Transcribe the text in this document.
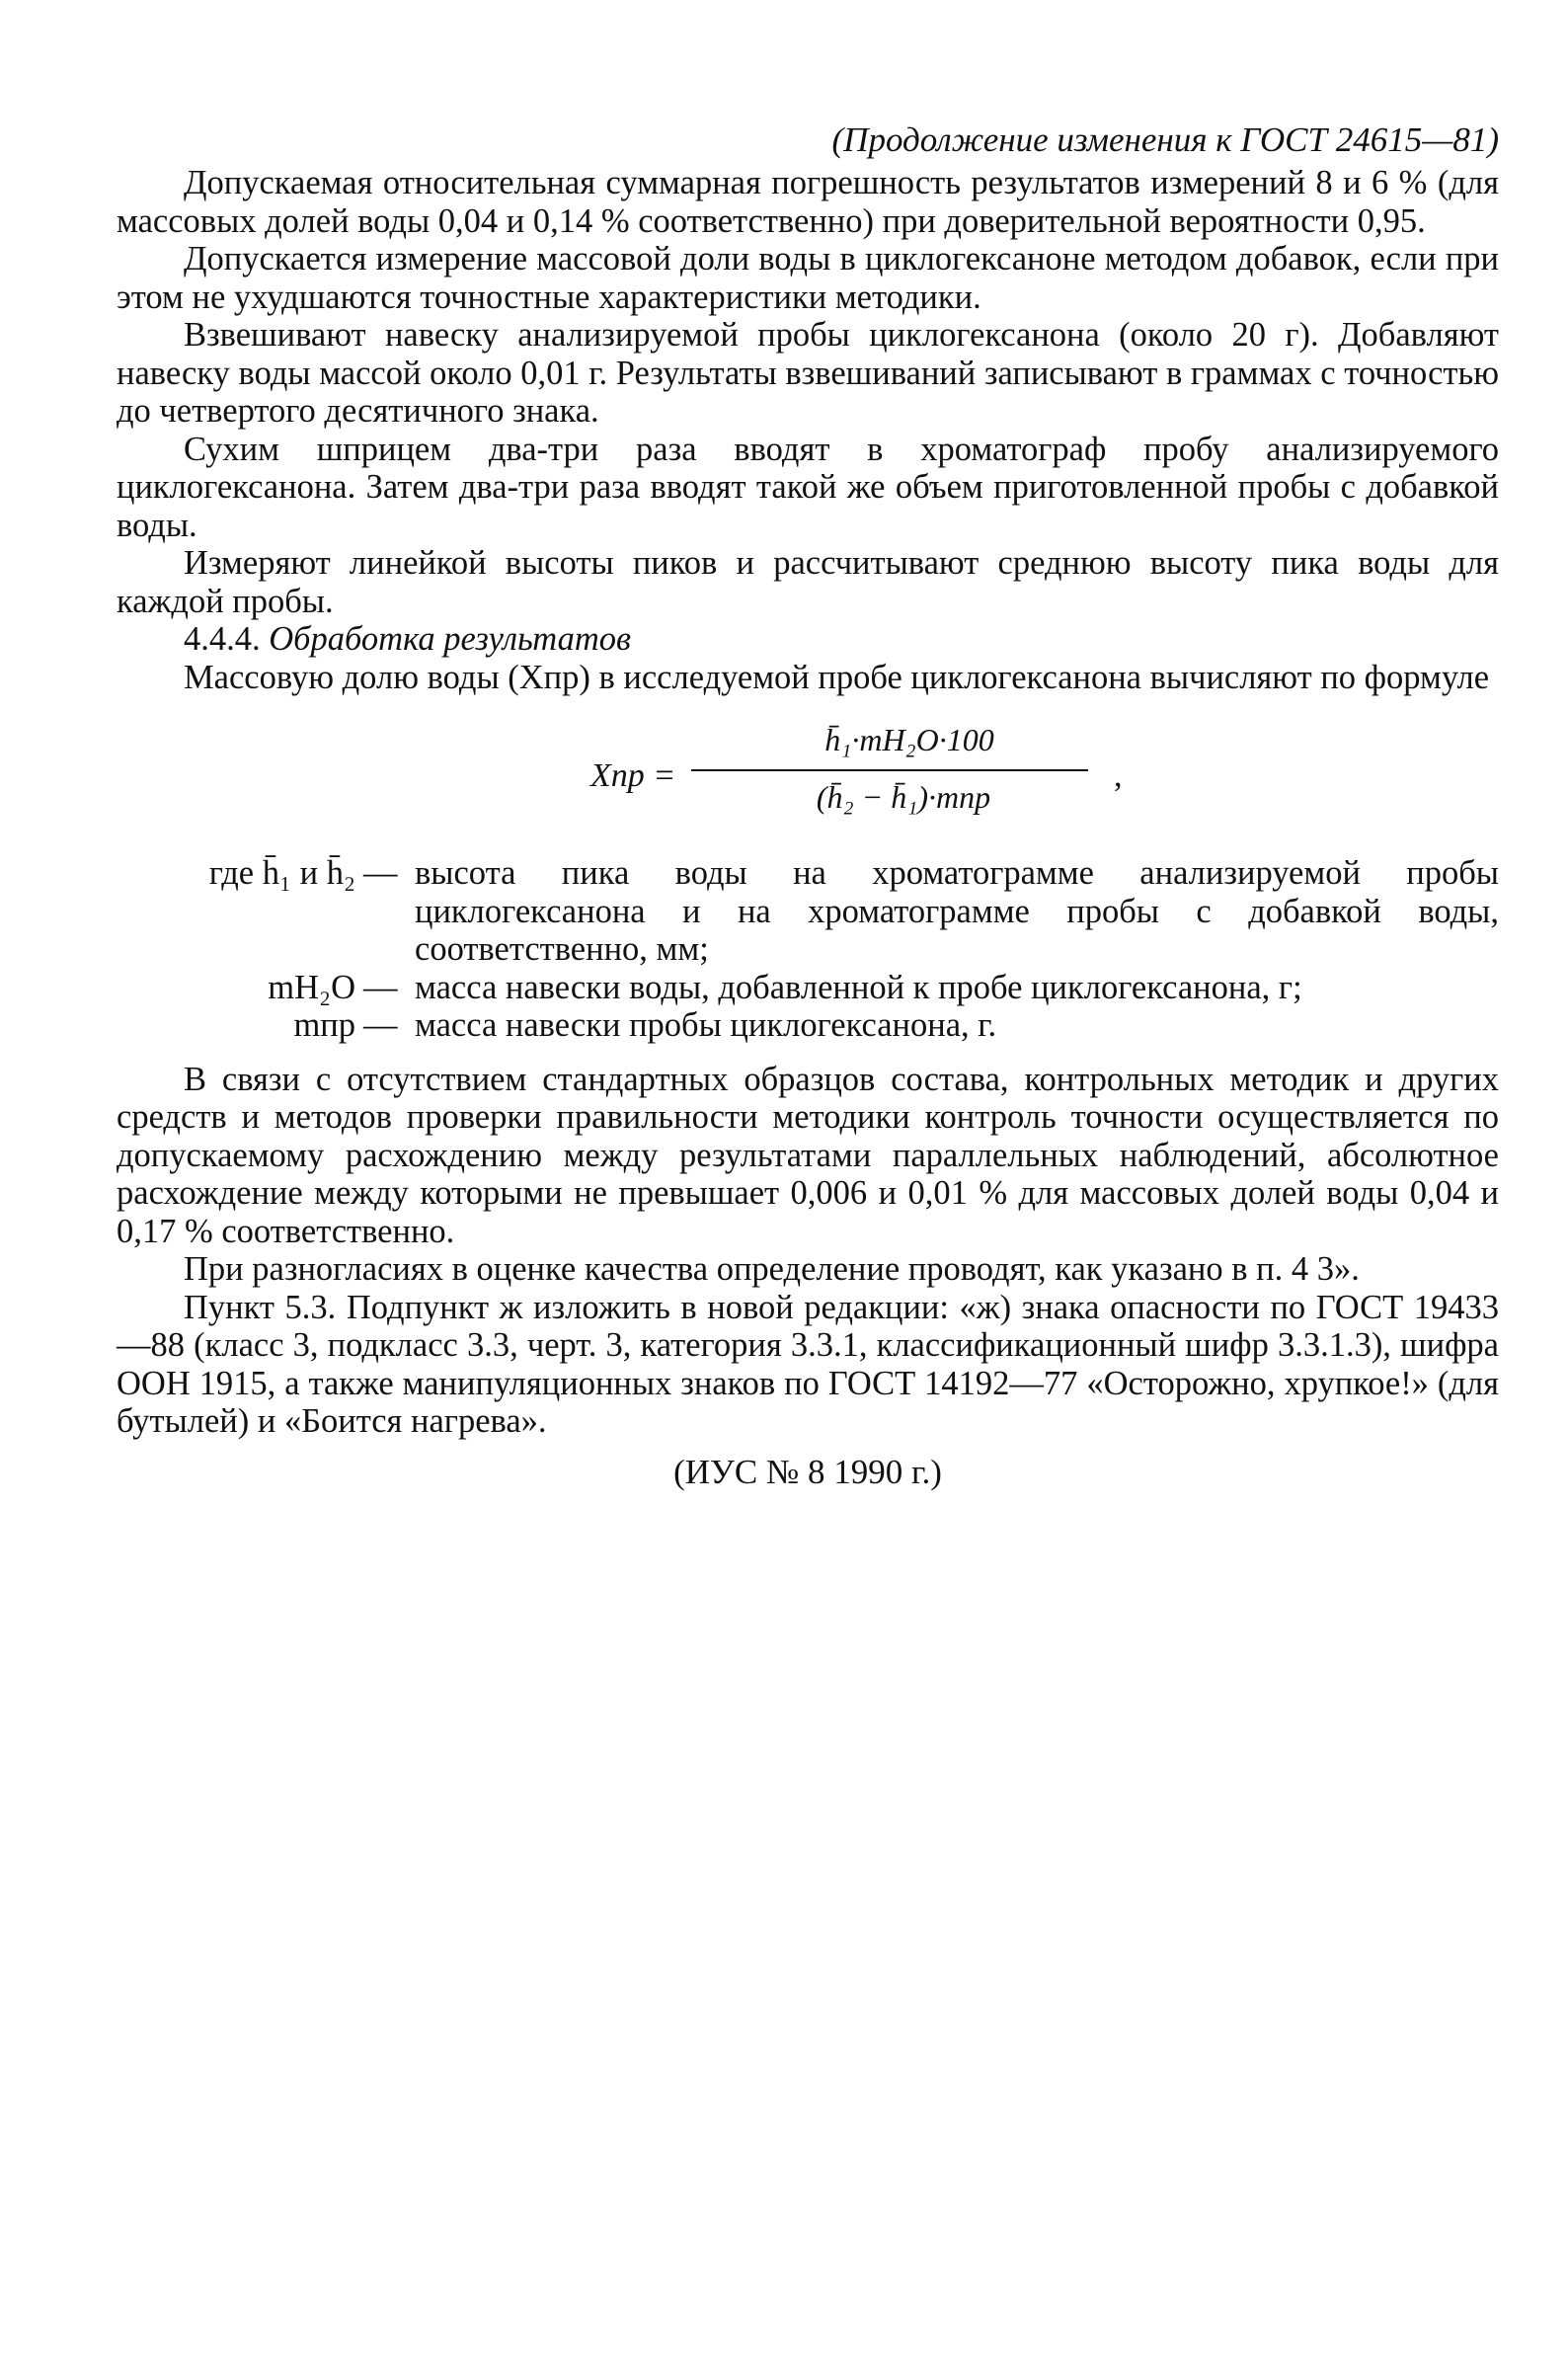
(Продолжение изменения к ГОСТ 24615—81)

Допускаемая относительная суммарная погрешность результатов измерений 8 и 6 % (для массовых долей воды 0,04 и 0,14 % соответственно) при доверительной вероятности 0,95.

Допускается измерение массовой доли воды в циклогексаноне методом добавок, если при этом не ухудшаются точностные характеристики методики.

Взвешивают навеску анализируемой пробы циклогексанона (около 20 г). Добавляют навеску воды массой около 0,01 г. Результаты взвешиваний записывают в граммах с точностью до четвертого десятичного знака.

Сухим шприцем два-три раза вводят в хроматограф пробу анализируемого циклогексанона. Затем два-три раза вводят такой же объем приготовленной пробы с добавкой воды.

Измеряют линейкой высоты пиков и рассчитывают среднюю высоту пика воды для каждой пробы.

4.4.4. Обработка результатов

Массовую долю воды (Xпр) в исследуемой пробе циклогексанона вычисляют по формуле

Xпр =
h̄₁·mH₂O·100
(h̄₂ − h̄₁)·mпр
,
где h̄₁ и h̄₂ — высота пика воды на хроматограмме анализируемой пробы циклогексанона и на хроматограмме пробы с добавкой воды, соответственно, мм;
mH₂O — масса навески воды, добавленной к пробе циклогексанона, г;
mпр — масса навески пробы циклогексанона, г.

В связи с отсутствием стандартных образцов состава, контрольных методик и других средств и методов проверки правильности методики контроль точности осуществляется по допускаемому расхождению между результатами параллельных наблюдений, абсолютное расхождение между которыми не превышает 0,006 и 0,01 % для массовых долей воды 0,04 и 0,17 % соответственно.

При разногласиях в оценке качества определение проводят, как указано в п. 4 3».

Пункт 5.3. Подпункт ж изложить в новой редакции: «ж) знака опасности по ГОСТ 19433—88 (класс 3, подкласс 3.3, черт. 3, категория 3.3.1, классификационный шифр 3.3.1.3), шифра ООН 1915, а также манипуляционных знаков по ГОСТ 14192—77 «Осторожно, хрупкое!» (для бутылей) и «Боится нагрева».

(ИУС № 8 1990 г.)
